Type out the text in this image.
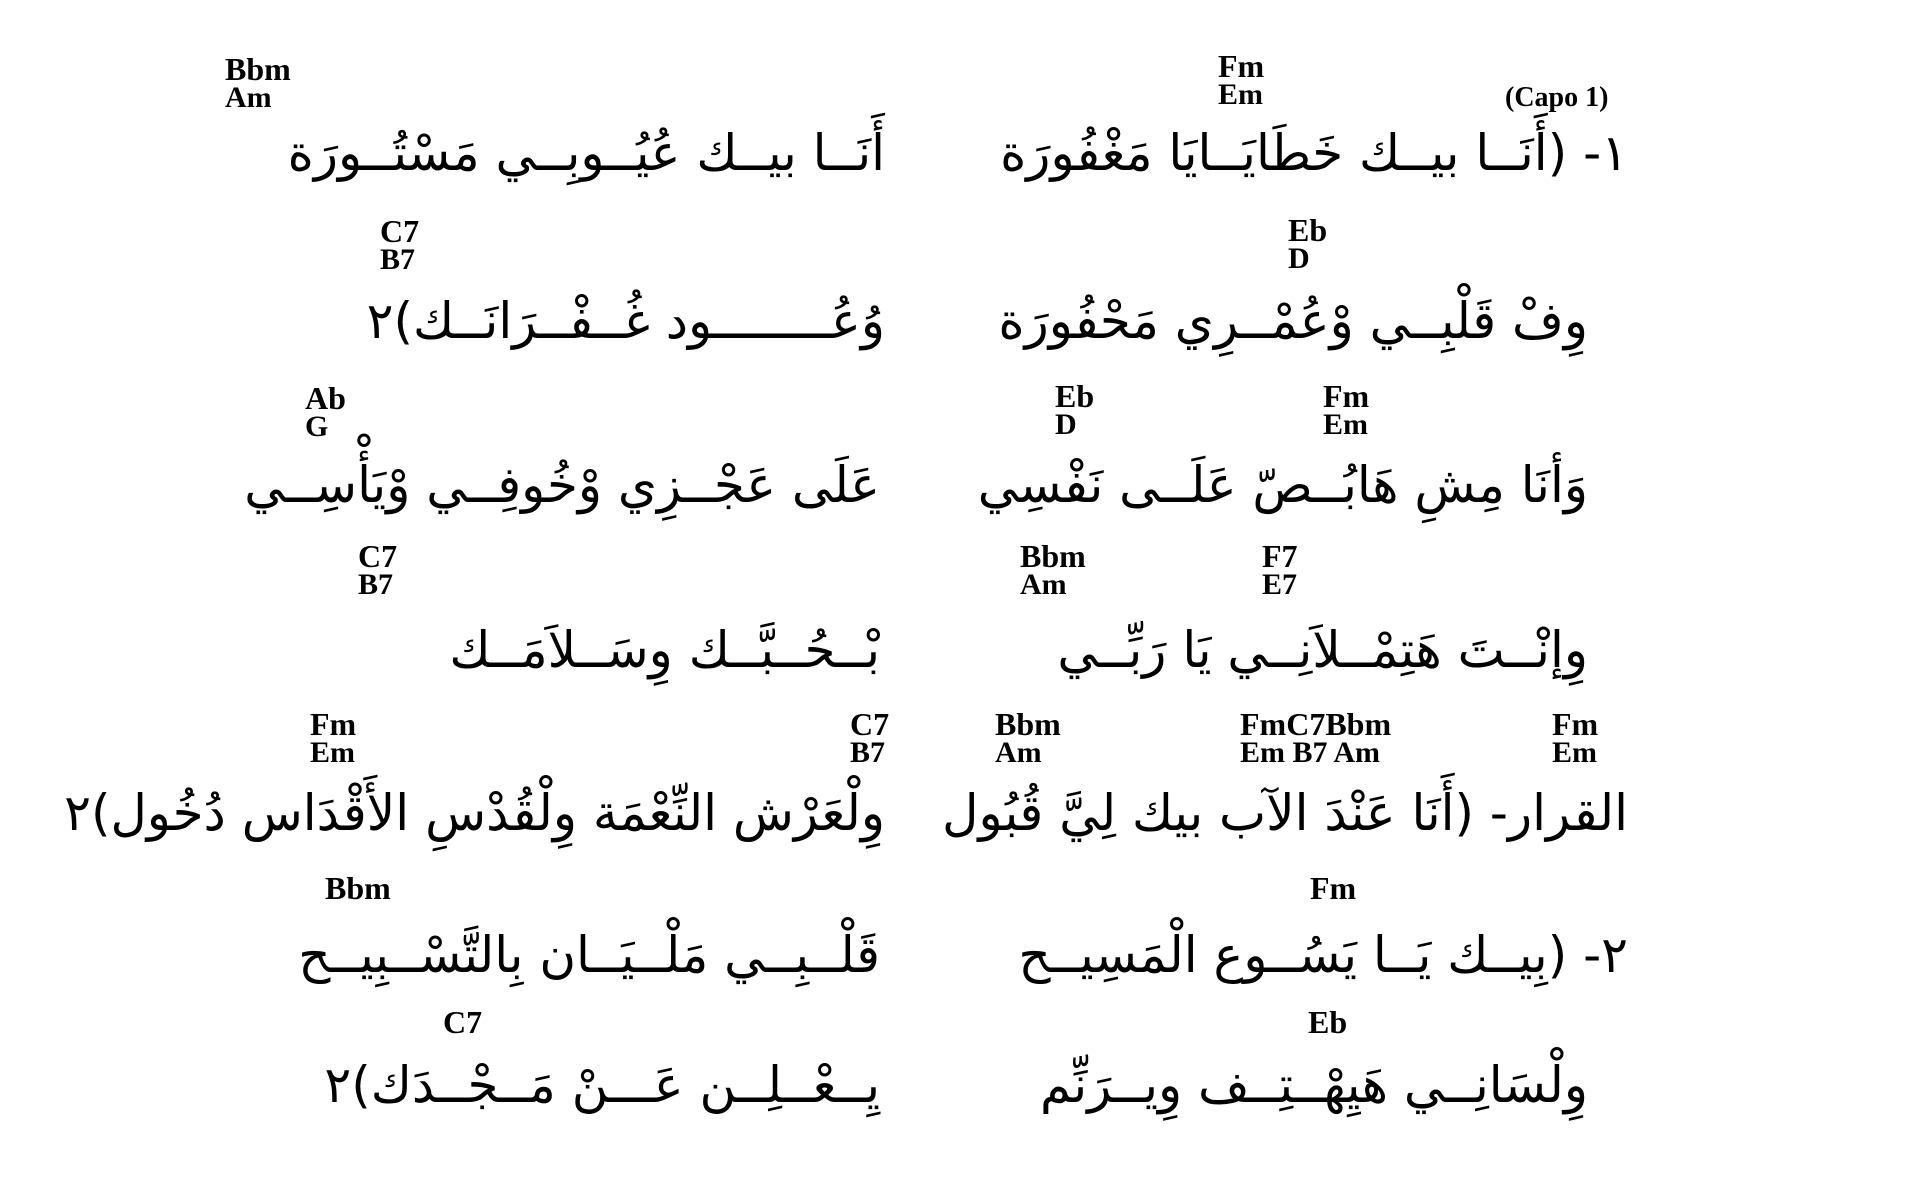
(Capo 1)
Fm
Em
Bbm
Am
١- (أَنَــا بيــك خَطَايَــايَا مَغْفُورَة
أَنَــا بيــك عُيُــوبِــي مَسْتُــورَة
Eb
D
C7
B7
وِفْ قَلْبِــي وْعُمْــرِي مَحْفُورَة
وُعُــــــــود غُــفْــرَانَــك)٢
Fm
Em
Eb
D
Ab
G
وَأنَا مِشِ هَابُــصّ عَلَــى نَفْسِي
عَلَى عَجْــزِي وْخُوفِــي وْيَأْسِــي
F7
E7
Bbm
Am
C7
B7
وِإنْــتَ هَتِمْــلاَنِــي يَا رَبِّــي
بْــحُــبَّــك وِسَــلاَمَــك
Fm
Em
FmC7Bbm
Em B7 Am
Bbm
Am
C7
B7
Fm
Em
القرار- (أَنَا عَنْدَ الآب بيك لِيَّ قُبُول
وِلْعَرْش النِّعْمَة وِلْقُدْسِ الأَقْدَاس دُخُول)٢
Fm
Bbm
٢- (بِيــك يَــا يَسُــوع الْمَسِيــح
قَلْــبِــي مَلْــيَــان بِالتَّسْــبِيــح
Eb
C7
وِلْسَانِــي هَيِهْــتِــف وِيــرَنِّم
يِــعْــلِــن عَـــنْ مَــجْــدَك)٢
